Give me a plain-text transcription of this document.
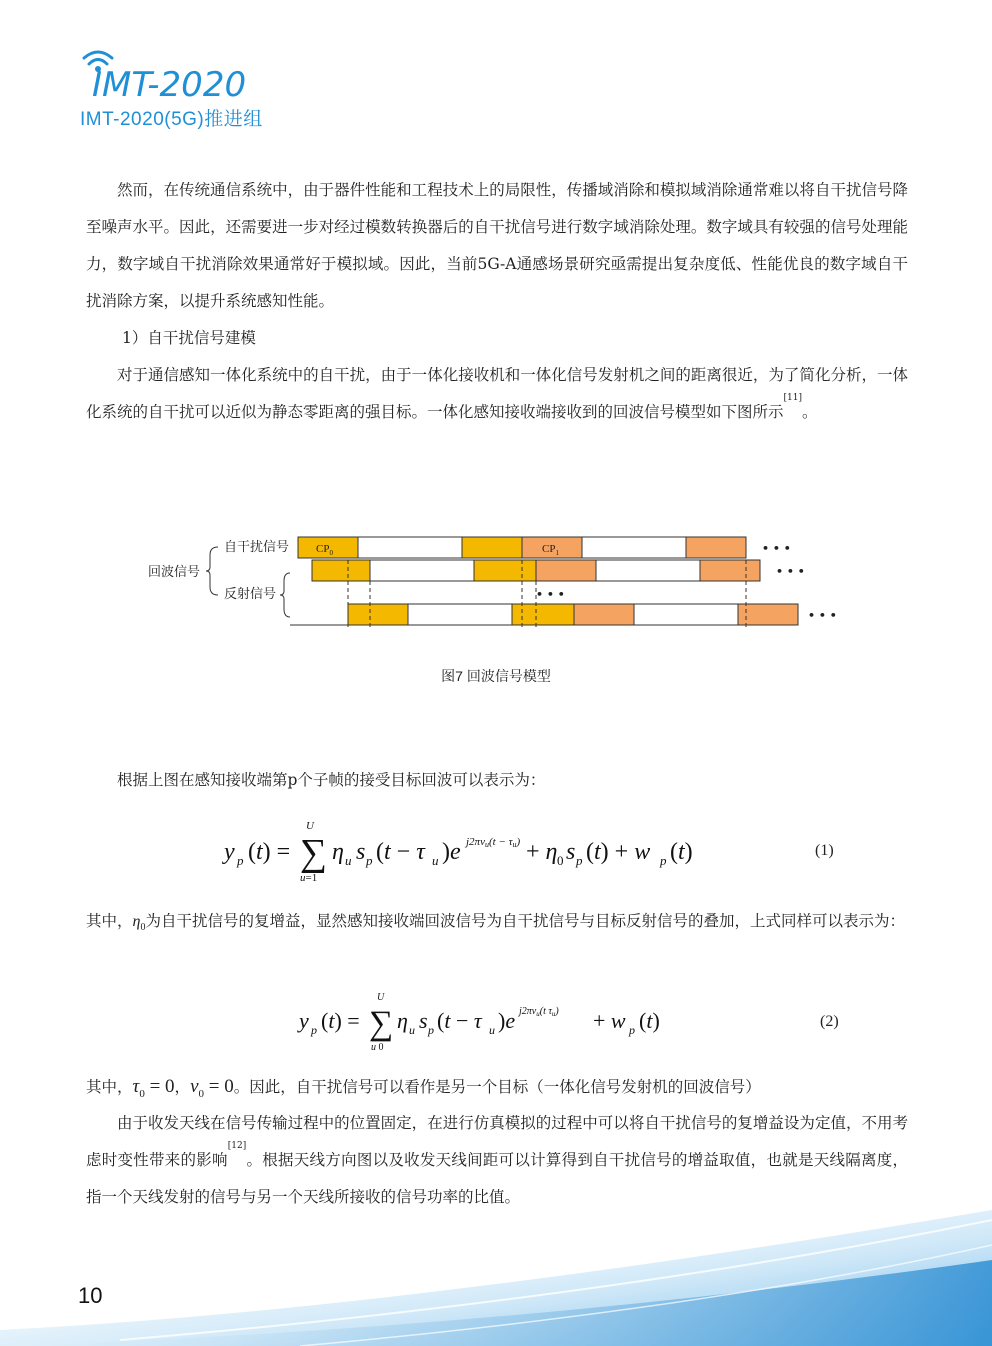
IMT-2020
IMT-2020(5G)推进组

然而，在传统通信系统中，由于器件性能和工程技术上的局限性，传播域消除和模拟域消除通常难以将自干扰信号降至噪声水平。因此，还需要进一步对经过模数转换器后的自干扰信号进行数字域消除处理。数字域具有较强的信号处理能力，数字域自干扰消除效果通常好于模拟域。因此，当前5G-A通感场景研究亟需提出复杂度低、性能优良的数字域自干扰消除方案，以提升系统感知性能。

1）自干扰信号建模

对于通信感知一体化系统中的自干扰，由于一体化接收机和一体化信号发射机之间的距离很近，为了简化分析，一体化系统的自干扰可以近似为静态零距离的强目标。一体化感知接收端接收到的回波信号模型如下图所示[11]。

回波信号
自干扰信号
反射信号
$CP_0$	$CP_1$	• • •
• • •
• • •
• • •
图7 回波信号模型

根据上图在感知接收端第p个子帧的接受目标回波可以表示为：

y p (t) = ∑
U
u=1
η u s p (t − τ u )e j2πvu(t − τu) + η 0 s p (t) + w p (t)	(1)

其中，$\eta_0$为自干扰信号的复增益，显然感知接收端回波信号为自干扰信号与目标反射信号的叠加，上式同样可以表示为：

y p (t) = ∑
U
u 0
η u s p (t − τ u )e $j2\pi v_u(t$ $\tau_u) + w$ p (t)	(2)

其中，$\tau_0 = 0$，$v_0 = 0$。因此，自干扰信号可以看作是另一个目标（一体化信号发射机的回波信号）

由于收发天线在信号传输过程中的位置固定，在进行仿真模拟的过程中可以将自干扰信号的复增益设为定值，不用考虑时变性带来的影响[12]。根据天线方向图以及收发天线间距可以计算得到自干扰信号的增益取值，也就是天线隔离度，指一个天线发射的信号与另一个天线所接收的信号功率的比值。

10
